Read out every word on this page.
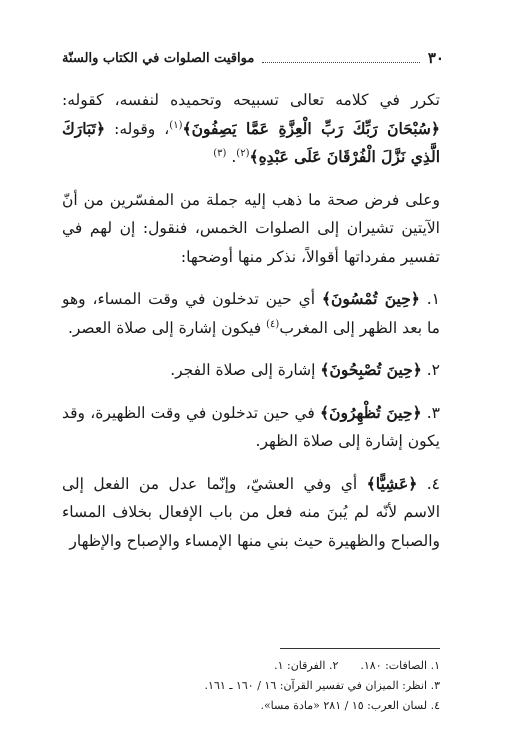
٣٠
مواقيت الصلوات في الكتاب والسنّة

تكرر في كلامه تعالى تسبيحه وتحميده لنفسه، كقوله: ﴿سُبْحَانَ رَبِّكَ رَبِّ الْعِزَّةِ عَمَّا يَصِفُونَ﴾$^{(١)}$، وقوله: ﴿تَبَارَكَ الَّذِي نَزَّلَ الْفُرْقَانَ عَلَى عَبْدِهِ﴾$^{(٢)}$. $^{(٣)}$

وعلى فرض صحة ما ذهب إليه جملة من المفسّرين من أنّ الآيتين تشيران إلى الصلوات الخمس، فنقول: إن لهم في تفسير مفرداتها أقوالاً، نذكر منها أوضحها:

١. ﴿حِينَ تُمْسُونَ﴾ أي حين تدخلون في وقت المساء، وهو ما بعد الظهر إلى المغرب$^{(٤)}$ فيكون إشارة إلى صلاة العصر.

٢. ﴿حِينَ تُصْبِحُونَ﴾ إشارة إلى صلاة الفجر.

٣. ﴿حِينَ تُظْهِرُونَ﴾ في حين تدخلون في وقت الظهيرة، وقد يكون إشارة إلى صلاة الظهر.

٤. ﴿عَشِيًّا﴾ أي وفي العشيّ، وإنّما عدل من الفعل إلى الاسم لأنّه لم يُبنَ منه فعل من باب الإفعال بخلاف المساء والصباح والظهيرة حيث بني منها الإمساء والإصباح والإظهار

١. الصافات: ١٨٠.
٢. الفرقان: ١.
٣. انظر: الميزان في تفسير القرآن: ١٦ / ١٦٠ ـ ١٦١.
٤. لسان العرب: ١٥ / ٢٨١ «مادة مسا».
